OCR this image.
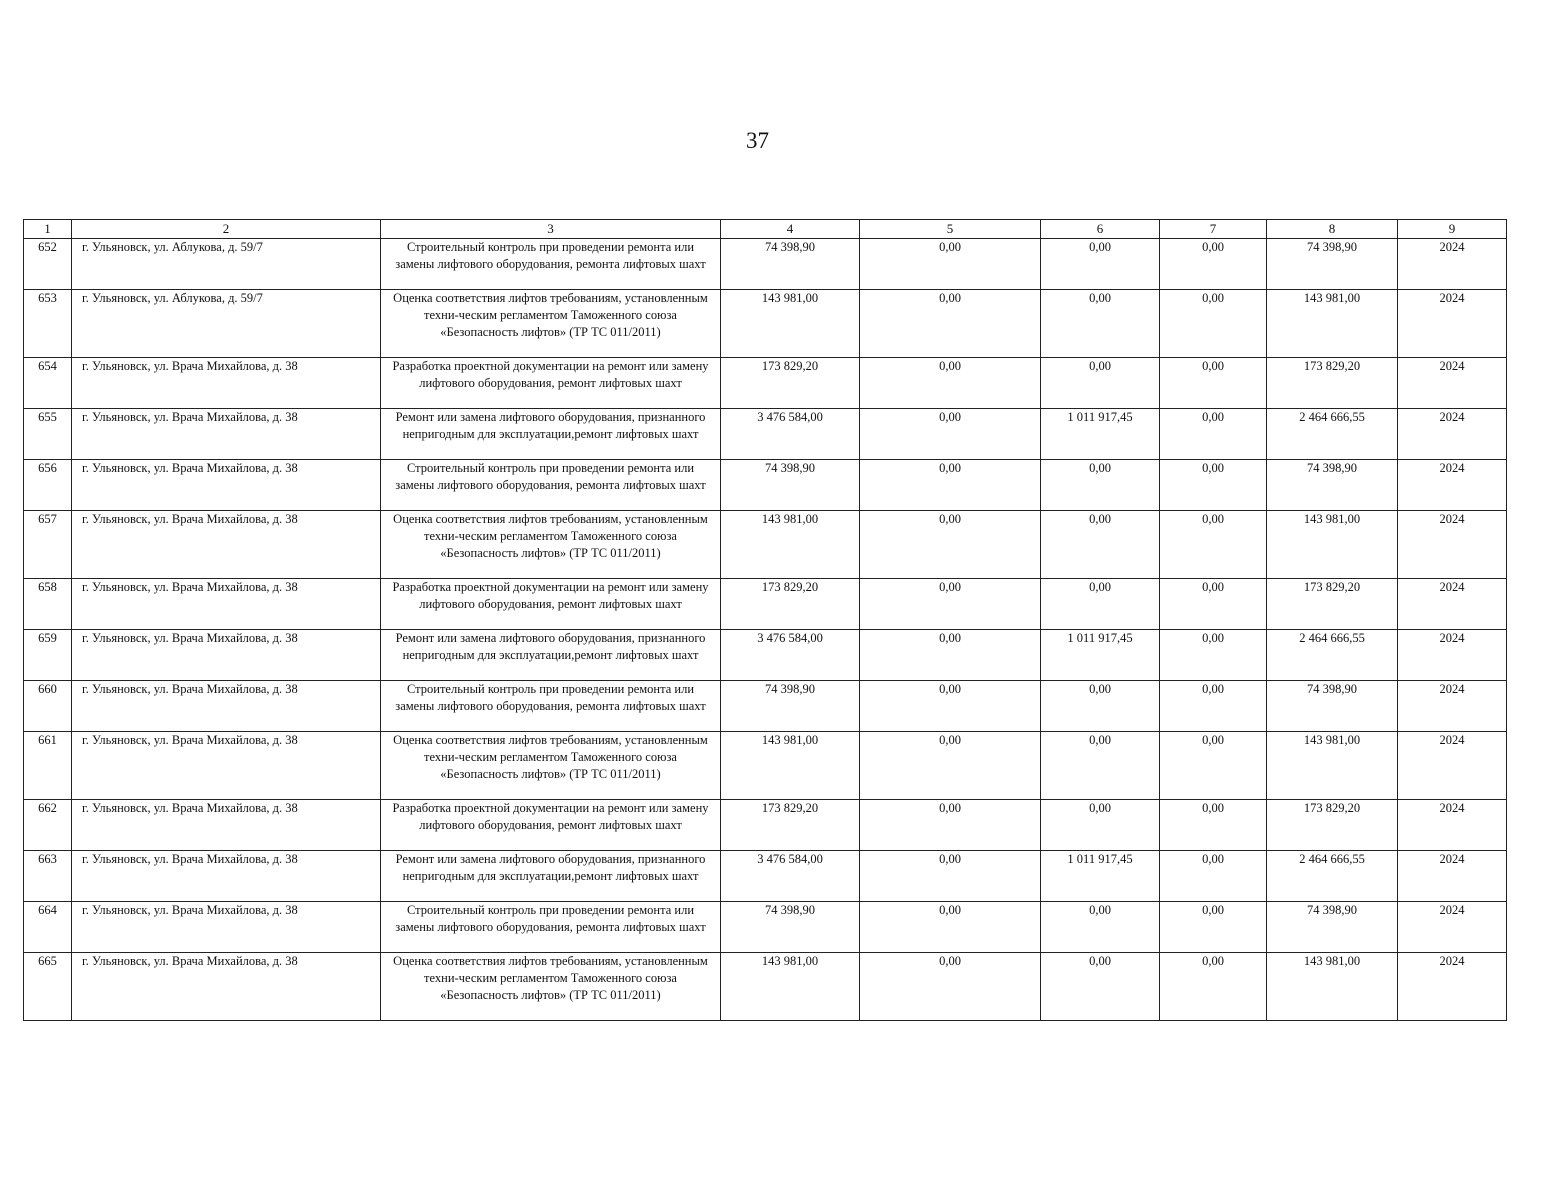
37
1	2	3	4	5	6	7	8	9
652	г. Ульяновск, ул. Аблукова, д. 59/7	Строительный контроль при проведении ремонта или замены лифтового оборудования, ремонта лифтовых шахт	74 398,90	0,00	0,00	0,00	74 398,90	2024
653	г. Ульяновск, ул. Аблукова, д. 59/7	Оценка соответствия лифтов требованиям, установленным техни-ческим регламентом Таможенного союза «Безопасность лифтов» (ТР ТС 011/2011)	143 981,00	0,00	0,00	0,00	143 981,00	2024
654	г. Ульяновск, ул. Врача Михайлова, д. 38	Разработка проектной документации на ремонт или замену лифтового оборудования, ремонт лифтовых шахт	173 829,20	0,00	0,00	0,00	173 829,20	2024
655	г. Ульяновск, ул. Врача Михайлова, д. 38	Ремонт или замена лифтового оборудования, признанного непригодным для эксплуатации,ремонт лифтовых шахт	3 476 584,00	0,00	1 011 917,45	0,00	2 464 666,55	2024
656	г. Ульяновск, ул. Врача Михайлова, д. 38	Строительный контроль при проведении ремонта или замены лифтового оборудования, ремонта лифтовых шахт	74 398,90	0,00	0,00	0,00	74 398,90	2024
657	г. Ульяновск, ул. Врача Михайлова, д. 38	Оценка соответствия лифтов требованиям, установленным техни-ческим регламентом Таможенного союза «Безопасность лифтов» (ТР ТС 011/2011)	143 981,00	0,00	0,00	0,00	143 981,00	2024
658	г. Ульяновск, ул. Врача Михайлова, д. 38	Разработка проектной документации на ремонт или замену лифтового оборудования, ремонт лифтовых шахт	173 829,20	0,00	0,00	0,00	173 829,20	2024
659	г. Ульяновск, ул. Врача Михайлова, д. 38	Ремонт или замена лифтового оборудования, признанного непригодным для эксплуатации,ремонт лифтовых шахт	3 476 584,00	0,00	1 011 917,45	0,00	2 464 666,55	2024
660	г. Ульяновск, ул. Врача Михайлова, д. 38	Строительный контроль при проведении ремонта или замены лифтового оборудования, ремонта лифтовых шахт	74 398,90	0,00	0,00	0,00	74 398,90	2024
661	г. Ульяновск, ул. Врача Михайлова, д. 38	Оценка соответствия лифтов требованиям, установленным техни-ческим регламентом Таможенного союза «Безопасность лифтов» (ТР ТС 011/2011)	143 981,00	0,00	0,00	0,00	143 981,00	2024
662	г. Ульяновск, ул. Врача Михайлова, д. 38	Разработка проектной документации на ремонт или замену лифтового оборудования, ремонт лифтовых шахт	173 829,20	0,00	0,00	0,00	173 829,20	2024
663	г. Ульяновск, ул. Врача Михайлова, д. 38	Ремонт или замена лифтового оборудования, признанного непригодным для эксплуатации,ремонт лифтовых шахт	3 476 584,00	0,00	1 011 917,45	0,00	2 464 666,55	2024
664	г. Ульяновск, ул. Врача Михайлова, д. 38	Строительный контроль при проведении ремонта или замены лифтового оборудования, ремонта лифтовых шахт	74 398,90	0,00	0,00	0,00	74 398,90	2024
665	г. Ульяновск, ул. Врача Михайлова, д. 38	Оценка соответствия лифтов требованиям, установленным техни-ческим регламентом Таможенного союза «Безопасность лифтов» (ТР ТС 011/2011)	143 981,00	0,00	0,00	0,00	143 981,00	2024
